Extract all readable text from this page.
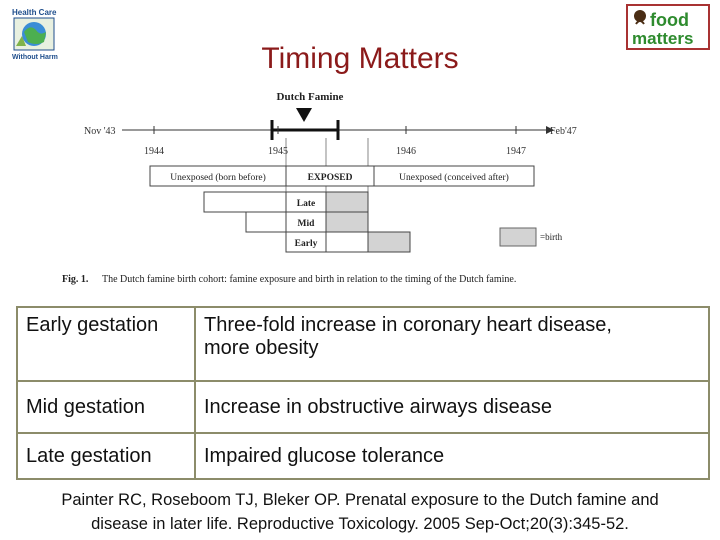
Health Care
Without Harm
food
matters
Timing Matters
Dutch Famine
Nov '43	Feb'47
1944	1945	1946	1947
Unexposed (born before)	EXPOSED	Unexposed (conceived after)
Late
Mid
Early
=birth
Fig. 1. The Dutch famine birth cohort: famine exposure and birth in relation to the timing of the Dutch famine.
Early gestation	Three-fold increase in coronary heart disease,
more obesity
Mid gestation	Increase in obstructive airways disease
Late gestation	Impaired glucose tolerance
Painter RC, Roseboom TJ, Bleker OP. Prenatal exposure to the Dutch famine and
disease in later life. Reproductive Toxicology. 2005 Sep-Oct;20(3):345-52.
